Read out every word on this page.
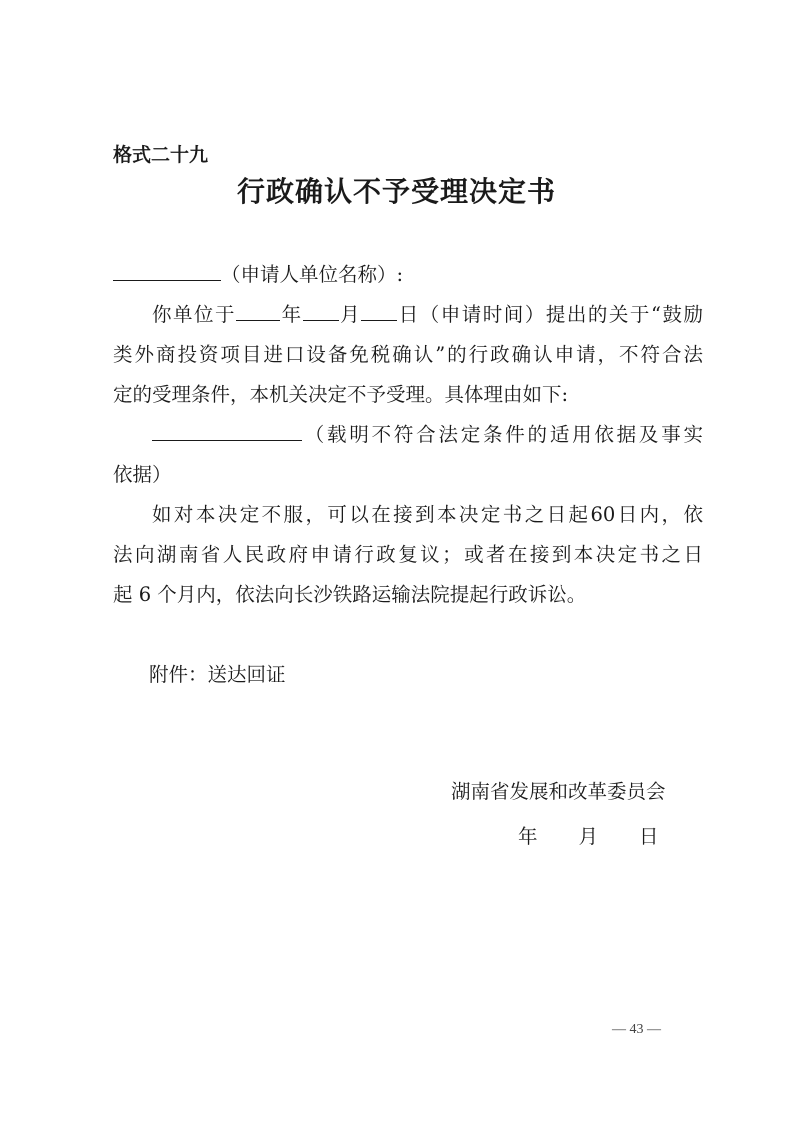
格式二十九
行政确认不予受理决定书
（申请人单位名称）:
你单位于 年 月 日（申请时间）提出的关于“鼓励
类外商投资项目进口设备免税确认”的行政确认申请，不符合法
定的受理条件，本机关决定不予受理。具体理由如下:
（载明不符合法定条件的适用依据及事实
依据）
如对本决定不服，可以在接到本决定书之日起60日内，依
法向湖南省人民政府申请行政复议；或者在接到本决定书之日
起 6 个月内，依法向长沙铁路运输法院提起行政诉讼。
附件：送达回证
湖南省发展和改革委员会
年 月 日
— 43 —
